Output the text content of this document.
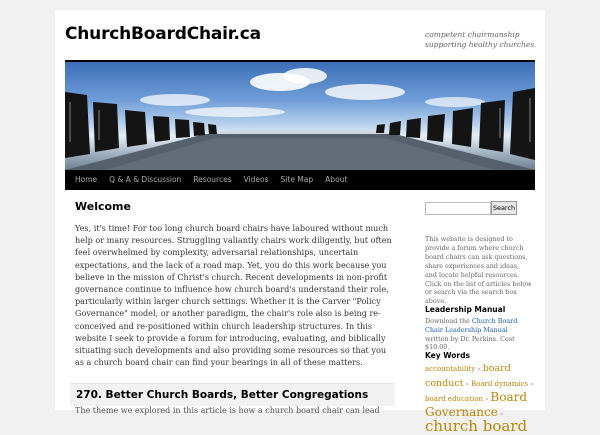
ChurchBoardChair.ca	competent chairmanship
supporting healthy churches
Home	Q & A & Discussion	Resources	Videos	Site Map	About
Welcome
Yes, it's time! For too long church board chairs have laboured without much help or many resources. Struggling valiantly chairs work diligently, but often feel overwhelmed by complexity, adversarial relationships, uncertain expectations, and the lack of a road map. Yet, you do this work because you believe in the mission of Christ's church. Recent developments in non-profit governance continue to influence how church board's understand their role, particularly within larger church settings. Whether it is the Carver "Policy Governance" model, or another paradigm, the chair's role also is being re-conceived and re-positioned within church leadership structures. In this website I seek to provide a forum for introducing, evaluating, and biblically situating such developments and also providing some resources so that you as a church board chair can find your bearings in all of these matters.
270. Better Church Boards, Better Congregations
The theme we explored in this article is how a church board chair can lead
Search
This website is designed to provide a forum where church board chairs can ask questions, share experiences and ideas, and locate helpful resources.
Click on the list of articles below or search via the search box above.
Leadership Manual
Download the Church Board Chair Leadership Manual written by Dr. Perkins. Cost $10.00.
Key Words
accountability » board conduct » Board dynamics » board education » Board Governance » church board
